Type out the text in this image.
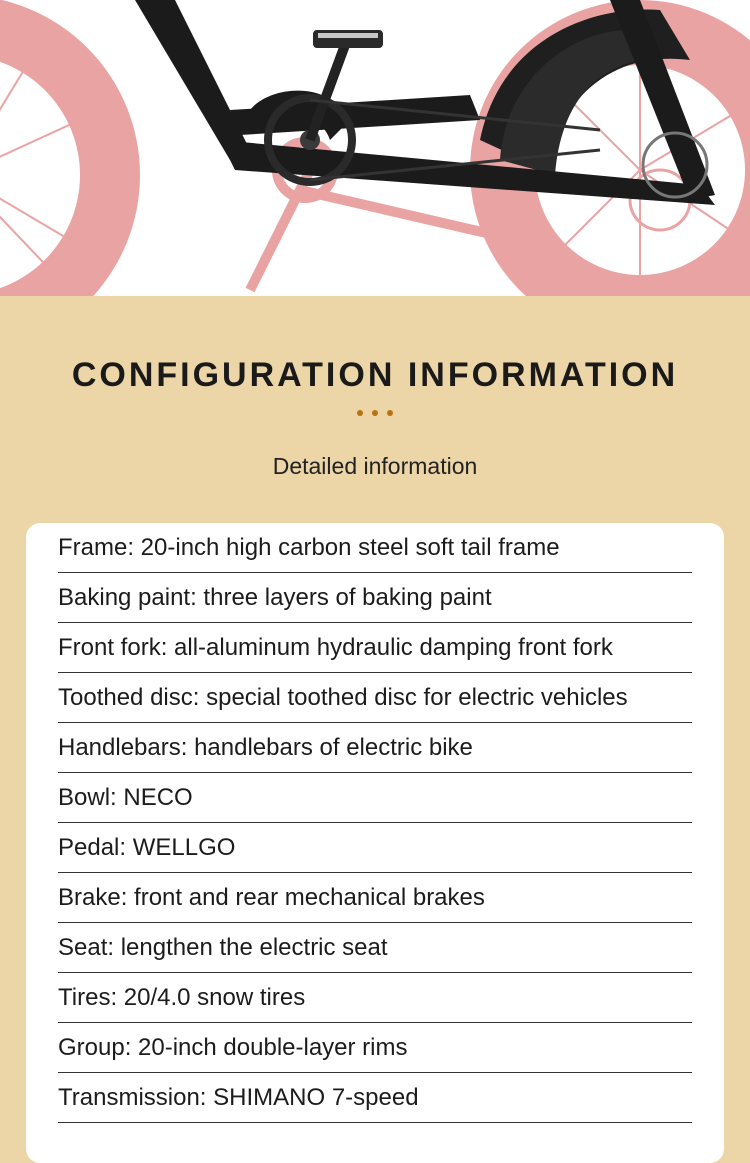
CONFIGURATION INFORMATION
Detailed information
Frame: 20-inch high carbon steel soft tail frame
Baking paint: three layers of baking paint
Front fork: all-aluminum hydraulic damping front fork
Toothed disc: special toothed disc for electric vehicles
Handlebars: handlebars of electric bike
Bowl: NECO
Pedal: WELLGO
Brake: front and rear mechanical brakes
Seat: lengthen the electric seat
Tires: 20/4.0 snow tires
Group: 20-inch double-layer rims
Transmission: SHIMANO 7-speed
